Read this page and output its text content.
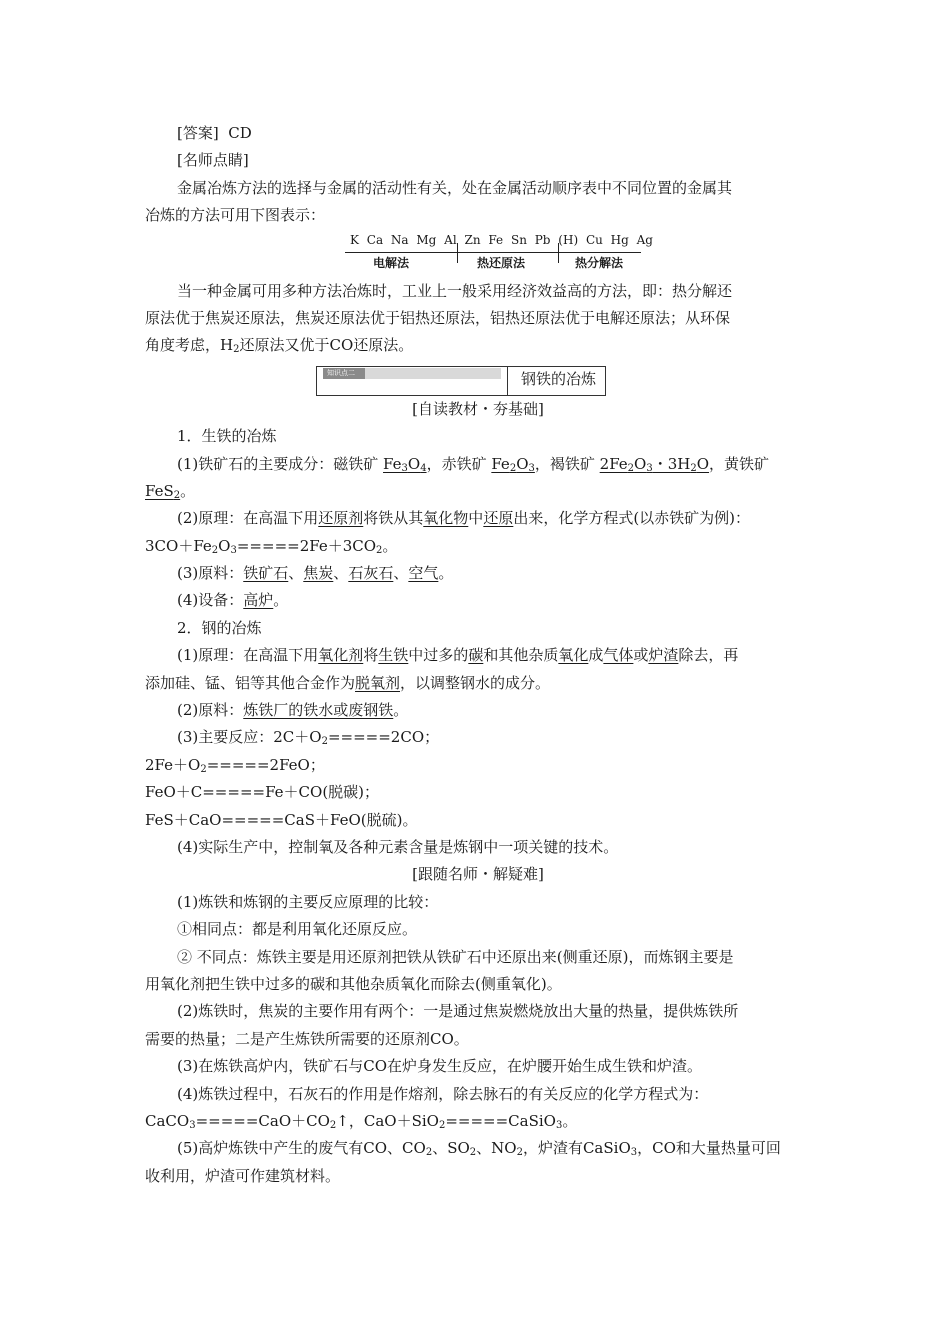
[答案] CD
[名师点睛]
金属冶炼方法的选择与金属的活动性有关，处在金属活动顺序表中不同位置的金属其
冶炼的方法可用下图表示：
K Ca Na Mg Al Zn Fe Sn Pb (H) Cu Hg Ag
电解法	热还原法	热分解法
当一种金属可用多种方法冶炼时，工业上一般采用经济效益高的方法，即：热分解还
原法优于焦炭还原法，焦炭还原法优于铝热还原法，铝热还原法优于电解还原法；从环保
角度考虑，$H_2$还原法又优于CO还原法。
知识点二	钢铁的冶炼
[自读教材・夯基础]
1．生铁的冶炼
(1)铁矿石的主要成分：磁铁矿 $Fe_3O_4$，赤铁矿 $Fe_2O_3$，褐铁矿 $2Fe_2O_3$・$3H_2O$，黄铁矿
FeS$_2$。
(2)原理：在高温下用还原剂将铁从其氧化物中还原出来，化学方程式(以赤铁矿为例)：
$3CO+Fe_2O_3=====2Fe+3CO_2$。
(3)原料：铁矿石、焦炭、石灰石、空气。
(4)设备：高炉。
2．钢的冶炼
(1)原理：在高温下用氧化剂将生铁中过多的碳和其他杂质氧化成气体或炉渣除去，再
添加硅、锰、铝等其他合金作为脱氧剂，以调整钢水的成分。
(2)原料：炼铁厂的铁水或废钢铁。
(3)主要反应：$2C+O_2=====2CO$；
$2Fe+O_2=====2FeO$；
FeO＋C=====Fe＋CO(脱碳)；
FeS＋CaO=====CaS＋FeO(脱硫)。
(4)实际生产中，控制氧及各种元素含量是炼钢中一项关键的技术。
[跟随名师・解疑难]
(1)炼铁和炼钢的主要反应原理的比较：
①相同点：都是利用氧化还原反应。
② 不同点：炼铁主要是用还原剂把铁从铁矿石中还原出来(侧重还原)，而炼钢主要是
用氧化剂把生铁中过多的碳和其他杂质氧化而除去(侧重氧化)。
(2)炼铁时，焦炭的主要作用有两个：一是通过焦炭燃烧放出大量的热量，提供炼铁所
需要的热量；二是产生炼铁所需要的还原剂CO。
(3)在炼铁高炉内，铁矿石与CO在炉身发生反应，在炉腰开始生成生铁和炉渣。
(4)炼铁过程中，石灰石的作用是作熔剂，除去脉石的有关反应的化学方程式为：
$CaCO_3=====CaO+CO_2↑$，CaO＋SiO$_2$=====CaSiO$_3$。
(5)高炉炼铁中产生的废气有CO、$CO_2$、$SO_2$、$NO_2$，炉渣有CaSiO$_3$，CO和大量热量可回
收利用，炉渣可作建筑材料。
